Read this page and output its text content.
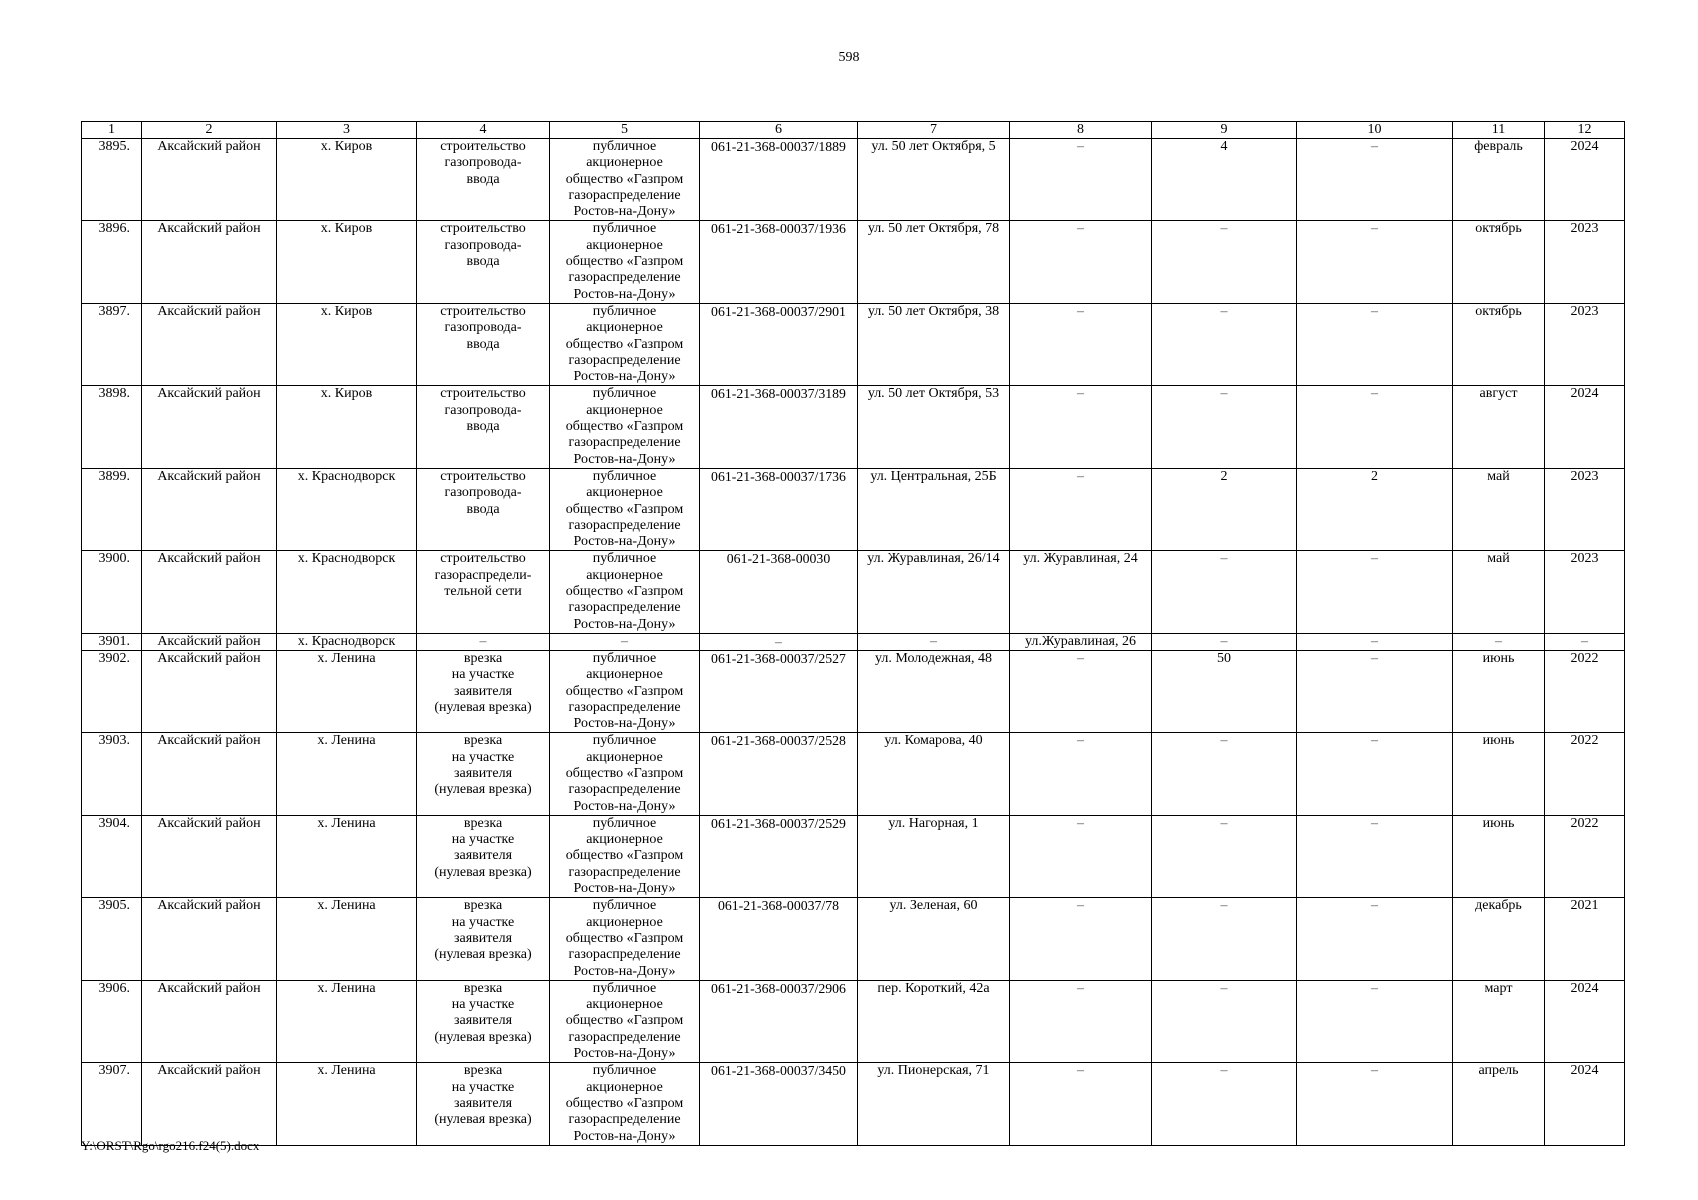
598
1	2	3	4	5	6	7	8	9	10	11	12
3895.	Аксайский район	х. Киров	строительство
газопровода-
ввода	публичное
акционерное
общество «Газпром
газораспределение
Ростов-на-Дону»	061-21-368-00037/1889	ул. 50 лет Октября, 5	–	4	–	февраль	2024
3896.	Аксайский район	х. Киров	строительство
газопровода-
ввода	публичное
акционерное
общество «Газпром
газораспределение
Ростов-на-Дону»	061-21-368-00037/1936	ул. 50 лет Октября, 78	–	–	–	октябрь	2023
3897.	Аксайский район	х. Киров	строительство
газопровода-
ввода	публичное
акционерное
общество «Газпром
газораспределение
Ростов-на-Дону»	061-21-368-00037/2901	ул. 50 лет Октября, 38	–	–	–	октябрь	2023
3898.	Аксайский район	х. Киров	строительство
газопровода-
ввода	публичное
акционерное
общество «Газпром
газораспределение
Ростов-на-Дону»	061-21-368-00037/3189	ул. 50 лет Октября, 53	–	–	–	август	2024
3899.	Аксайский район	х. Краснодворск	строительство
газопровода-
ввода	публичное
акционерное
общество «Газпром
газораспределение
Ростов-на-Дону»	061-21-368-00037/1736	ул. Центральная, 25Б	–	2	2	май	2023
3900.	Аксайский район	х. Краснодворск	строительство
газораспредели-
тельной сети	публичное
акционерное
общество «Газпром
газораспределение
Ростов-на-Дону»	061-21-368-00030	ул. Журавлиная, 26/14	ул. Журавлиная, 24	–	–	май	2023
3901.	Аксайский район	х. Краснодворск	–	–	–	–	ул.Журавлиная, 26	–	–	–	–
3902.	Аксайский район	х. Ленина	врезка
на участке
заявителя
(нулевая врезка)	публичное
акционерное
общество «Газпром
газораспределение
Ростов-на-Дону»	061-21-368-00037/2527	ул. Молодежная, 48	–	50	–	июнь	2022
3903.	Аксайский район	х. Ленина	врезка
на участке
заявителя
(нулевая врезка)	публичное
акционерное
общество «Газпром
газораспределение
Ростов-на-Дону»	061-21-368-00037/2528	ул. Комарова, 40	–	–	–	июнь	2022
3904.	Аксайский район	х. Ленина	врезка
на участке
заявителя
(нулевая врезка)	публичное
акционерное
общество «Газпром
газораспределение
Ростов-на-Дону»	061-21-368-00037/2529	ул. Нагорная, 1	–	–	–	июнь	2022
3905.	Аксайский район	х. Ленина	врезка
на участке
заявителя
(нулевая врезка)	публичное
акционерное
общество «Газпром
газораспределение
Ростов-на-Дону»	061-21-368-00037/78	ул. Зеленая, 60	–	–	–	декабрь	2021
3906.	Аксайский район	х. Ленина	врезка
на участке
заявителя
(нулевая врезка)	публичное
акционерное
общество «Газпром
газораспределение
Ростов-на-Дону»	061-21-368-00037/2906	пер. Короткий, 42а	–	–	–	март	2024
3907.	Аксайский район	х. Ленина	врезка
на участке
заявителя
(нулевая врезка)	публичное
акционерное
общество «Газпром
газораспределение
Ростов-на-Дону»	061-21-368-00037/3450	ул. Пионерская, 71	–	–	–	апрель	2024
Y:\ORST\Rgo\rgo216.f24(5).docx
